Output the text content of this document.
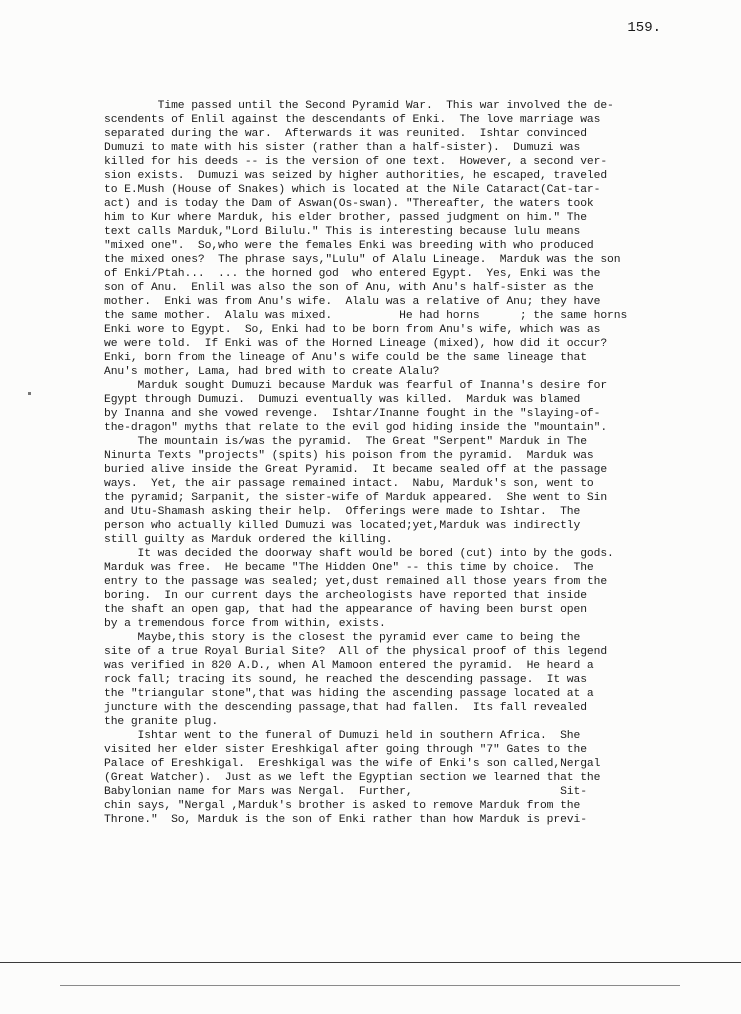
159.
Time passed until the Second Pyramid War.  This war involved the de-
scendents of Enlil against the descendants of Enki.  The love marriage was
separated during the war.  Afterwards it was reunited.  Ishtar convinced
Dumuzi to mate with his sister (rather than a half-sister).  Dumuzi was
killed for his deeds -- is the version of one text.  However, a second ver-
sion exists.  Dumuzi was seized by higher authorities, he escaped, traveled
to E.Mush (House of Snakes) which is located at the Nile Cataract(Cat-tar-
act) and is today the Dam of Aswan(Os-swan). "Thereafter, the waters took
him to Kur where Marduk, his elder brother, passed judgment on him." The
text calls Marduk,"Lord Bilulu." This is interesting because lulu means
"mixed one".  So,who were the females Enki was breeding with who produced
the mixed ones?  The phrase says,"Lulu" of Alalu Lineage.  Marduk was the son
of Enki/Ptah...  ... the horned god  who entered Egypt.  Yes, Enki was the
son of Anu.  Enlil was also the son of Anu, with Anu's half-sister as the
mother.  Enki was from Anu's wife.  Alalu was a relative of Anu; they have
the same mother.  Alalu was mixed.          He had horns      ; the same horns
Enki wore to Egypt.  So, Enki had to be born from Anu's wife, which was as
we were told.  If Enki was of the Horned Lineage (mixed), how did it occur?
Enki, born from the lineage of Anu's wife could be the same lineage that
Anu's mother, Lama, had bred with to create Alalu?
Marduk sought Dumuzi because Marduk was fearful of Inanna's desire for
Egypt through Dumuzi.  Dumuzi eventually was killed.  Marduk was blamed
by Inanna and she vowed revenge.  Ishtar/Inanne fought in the "slaying-of-
the-dragon" myths that relate to the evil god hiding inside the "mountain".
The mountain is/was the pyramid.  The Great "Serpent" Marduk in The
Ninurta Texts "projects" (spits) his poison from the pyramid.  Marduk was
buried alive inside the Great Pyramid.  It became sealed off at the passage
ways.  Yet, the air passage remained intact.  Nabu, Marduk's son, went to
the pyramid; Sarpanit, the sister-wife of Marduk appeared.  She went to Sin
and Utu-Shamash asking their help.  Offerings were made to Ishtar.  The
person who actually killed Dumuzi was located;yet,Marduk was indirectly
still guilty as Marduk ordered the killing.
It was decided the doorway shaft would be bored (cut) into by the gods.
Marduk was free.  He became "The Hidden One" -- this time by choice.  The
entry to the passage was sealed; yet,dust remained all those years from the
boring.  In our current days the archeologists have reported that inside
the shaft an open gap, that had the appearance of having been burst open
by a tremendous force from within, exists.
Maybe,this story is the closest the pyramid ever came to being the
site of a true Royal Burial Site?  All of the physical proof of this legend
was verified in 820 A.D., when Al Mamoon entered the pyramid.  He heard a
rock fall; tracing its sound, he reached the descending passage.  It was
the "triangular stone",that was hiding the ascending passage located at a
juncture with the descending passage,that had fallen.  Its fall revealed
the granite plug.
Ishtar went to the funeral of Dumuzi held in southern Africa.  She
visited her elder sister Ereshkigal after going through "7" Gates to the
Palace of Ereshkigal.  Ereshkigal was the wife of Enki's son called,Nergal
(Great Watcher).  Just as we left the Egyptian section we learned that the
Babylonian name for Mars was Nergal.  Further,                      Sit-
chin says, "Nergal ,Marduk's brother is asked to remove Marduk from the
Throne."  So, Marduk is the son of Enki rather than how Marduk is previ-
